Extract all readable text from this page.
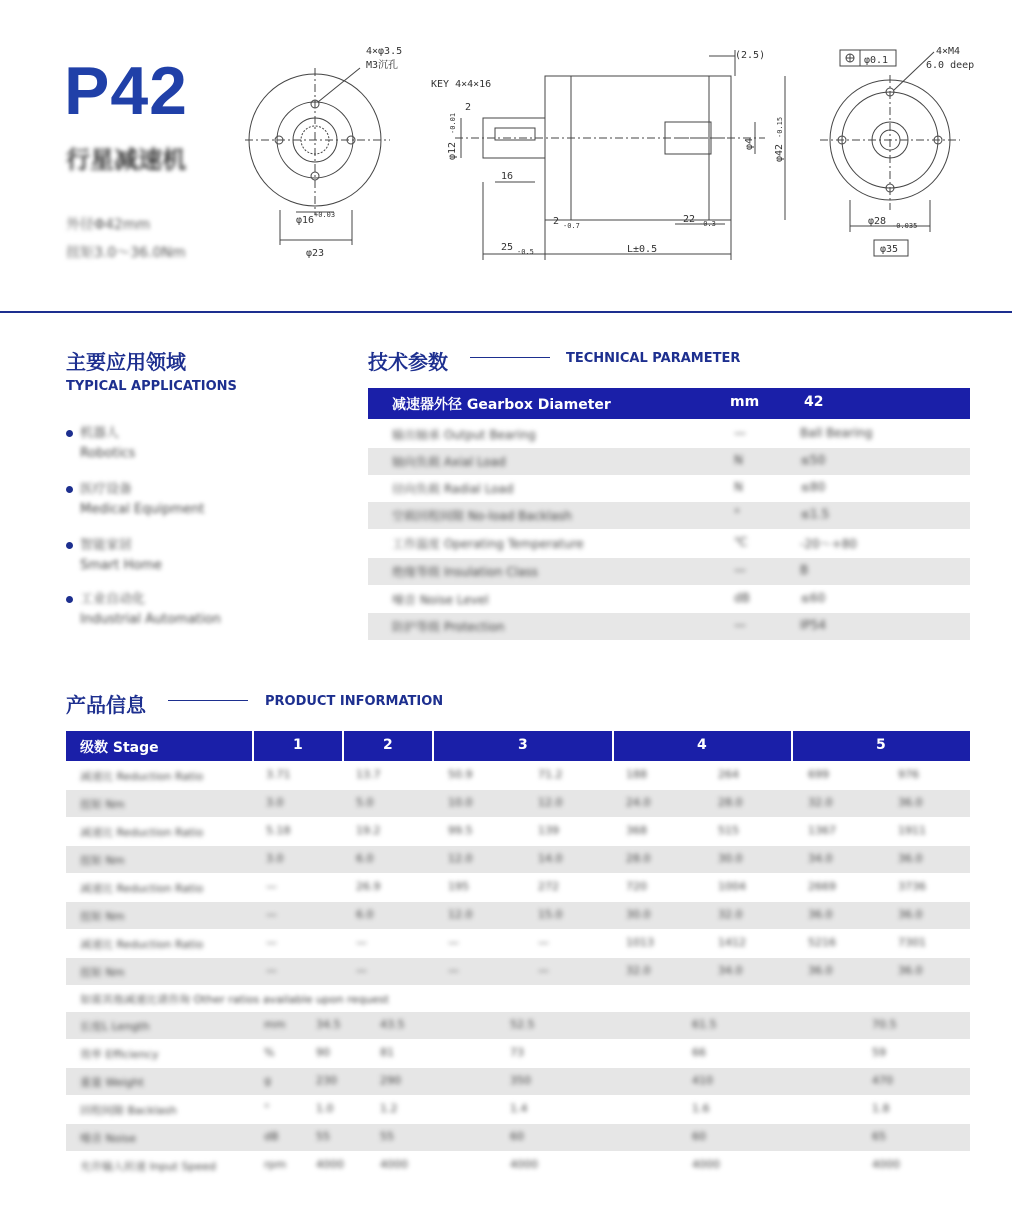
P42
行星减速机
外径Φ42mm
扭矩3.0～36.0Nm
4×φ3.5
M3沉孔
φ16 +0.03
φ23
KEY 4×4×16
2
16
(2.5)
2 -0.7
25 -0.5	L±0.5
22 -0.3
φ12
-0.01
φ42
-0.15
φ4
φ0.1
4×M4
6.0 deep
φ28 -0.035
φ35
主要应用领域
TYPICAL APPLICATIONS
机器人
Robotics
医疗设备
Medical Equipment
智能家居
Smart Home
工业自动化
Industrial Automation
技术参数	TECHNICAL PARAMETER
减速器外径 Gearbox Diameter	mm	42
输出轴承 Output Bearing	—	Ball Bearing
轴向负载 Axial Load	N	≤50
径向负载 Radial Load	N	≤80
空载回程间隙 No-load Backlash	°	≤1.5
工作温度 Operating Temperature	℃	-20～+80
绝缘等级 Insulation Class	—	B
噪音 Noise Level	dB	≤60
防护等级 Protection	—	IP54
产品信息	PRODUCT INFORMATION
级数 Stage	1	2	3	4	5
减速比 Reduction Ratio	3.71	13.7	50.9	71.2	188	264	699	976
扭矩 Nm	3.0	5.0	10.0	12.0	24.0	28.0	32.0	36.0
减速比 Reduction Ratio	5.18	19.2	99.5	139	368	515	1367	1911
扭矩 Nm	3.0	6.0	12.0	14.0	28.0	30.0	34.0	36.0
减速比 Reduction Ratio	—	26.9	195	272	720	1004	2669	3736
扭矩 Nm	—	6.0	12.0	15.0	30.0	32.0	36.0	36.0
减速比 Reduction Ratio	—	—	—	—	1013	1412	5216	7301
扭矩 Nm	—	—	—	—	32.0	34.0	36.0	36.0
如需其他减速比请咨询 Other ratios available upon request
长度L Length	mm	34.5	43.5	52.5	61.5	70.5
效率 Efficiency	%	90	81	73	66	59
重量 Weight	g	230	290	350	410	470
回程间隙 Backlash	°	1.0	1.2	1.4	1.6	1.8
噪音 Noise	dB	55	55	60	60	65
允许输入转速 Input Speed	rpm	4000	4000	4000	4000	4000
